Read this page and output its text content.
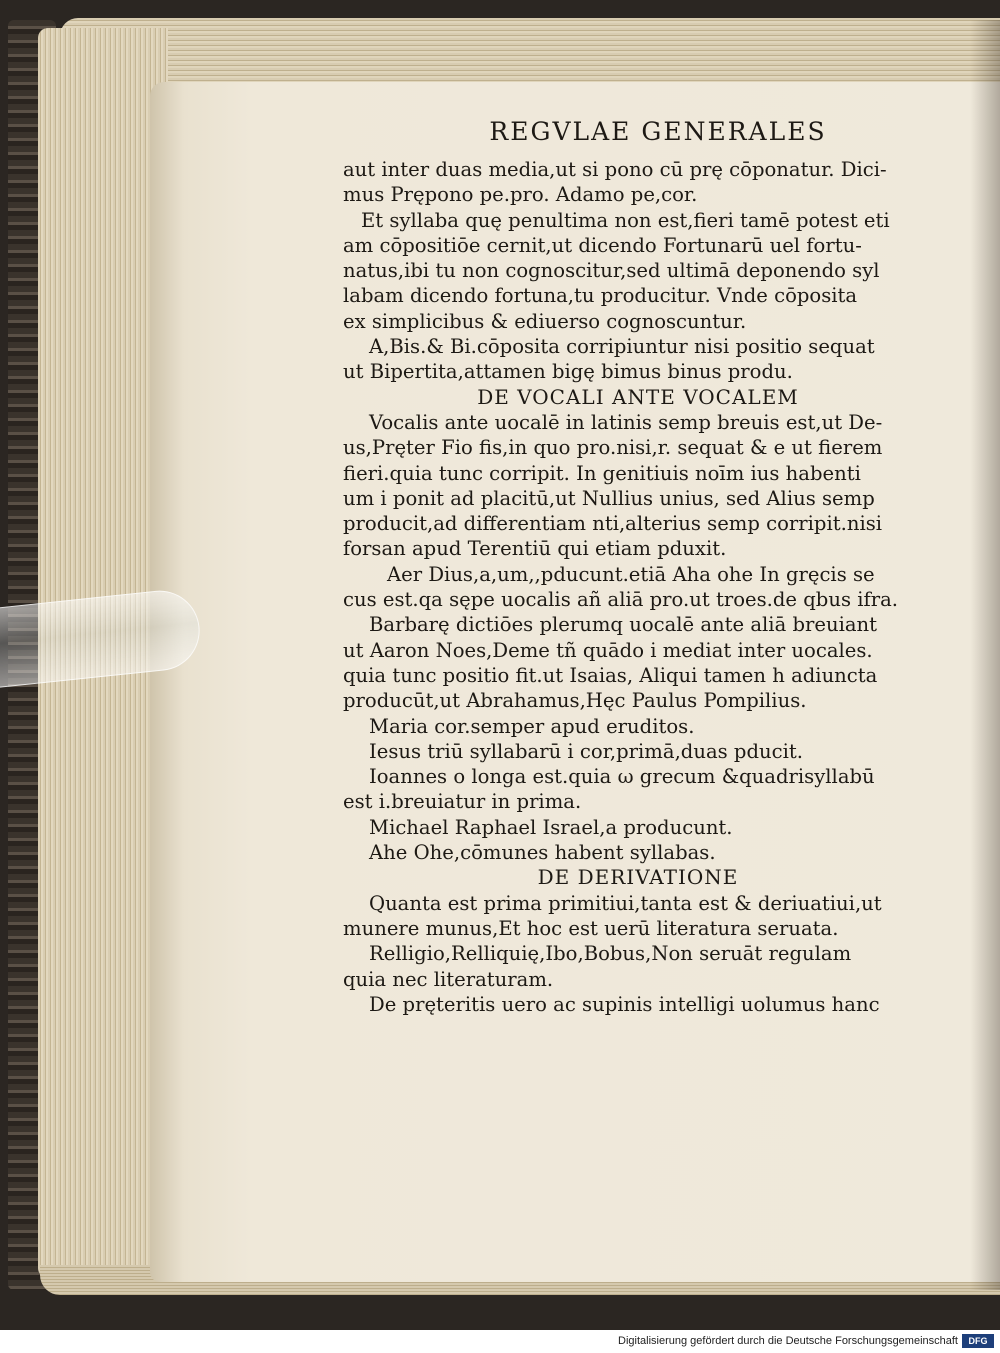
REGVLAE GENERALES
aut inter duas media,ut si pono cū prę cōponatur. Dici-
mus Prępono pe.pro. Adamo pe,cor.
Et syllaba quę penultima non est,fieri tamē potest eti
am cōpositiōe cernit,ut dicendo Fortunarū uel fortu-
natus,ibi tu non cognoscitur,sed ultimā deponendo syl
labam dicendo fortuna,tu producitur. Vnde cōposita
ex simplicibus & ediuerso cognoscuntur.
A,Bis.& Bi.cōposita corripiuntur nisi positio sequat
ut Bipertita,attamen bigę bimus binus produ.
DE VOCALI ANTE VOCALEM
Vocalis ante uocalē in latinis semp breuis est,ut De-
us,Pręter Fio fis,in quo pro.nisi,r. sequat & e ut fierem
fieri.quia tunc corripit. In genitiuis noīm ius habenti
um i ponit ad placitū,ut Nullius unius, sed Alius semp
producit,ad differentiam nti,alterius semp corripit.nisi
forsan apud Terentiū qui etiam pduxit.
Aer Dius,a,um,,pducunt.etiā Aha ohe In gręcis se
cus est.qa sępe uocalis añ aliā pro.ut troes.de qbus ifra.
Barbarę dictiōes plerumq uocalē ante aliā breuiant
ut Aaron Noes,Deme tñ quādo i mediat inter uocales.
quia tunc positio fit.ut Isaias, Aliqui tamen h adiuncta
producūt,ut Abrahamus,Hęc Paulus Pompilius.
Maria cor.semper apud eruditos.
Iesus triū syllabarū i cor,primā,duas pducit.
Ioannes o longa est.quia ω grecum &quadrisyllabū
est i.breuiatur in prima.
Michael Raphael Israel,a producunt.
Ahe Ohe,cōmunes habent syllabas.
DE DERIVATIONE
Quanta est prima primitiui,tanta est & deriuatiui,ut
munere munus,Et hoc est uerū literatura seruata.
Relligio,Relliquię,Ibo,Bobus,Non seruāt regulam
quia nec literaturam.
De pręteritis uero ac supinis intelligi uolumus hanc
Digitalisierung gefördert durch die Deutsche Forschungsgemeinschaft	DFG
